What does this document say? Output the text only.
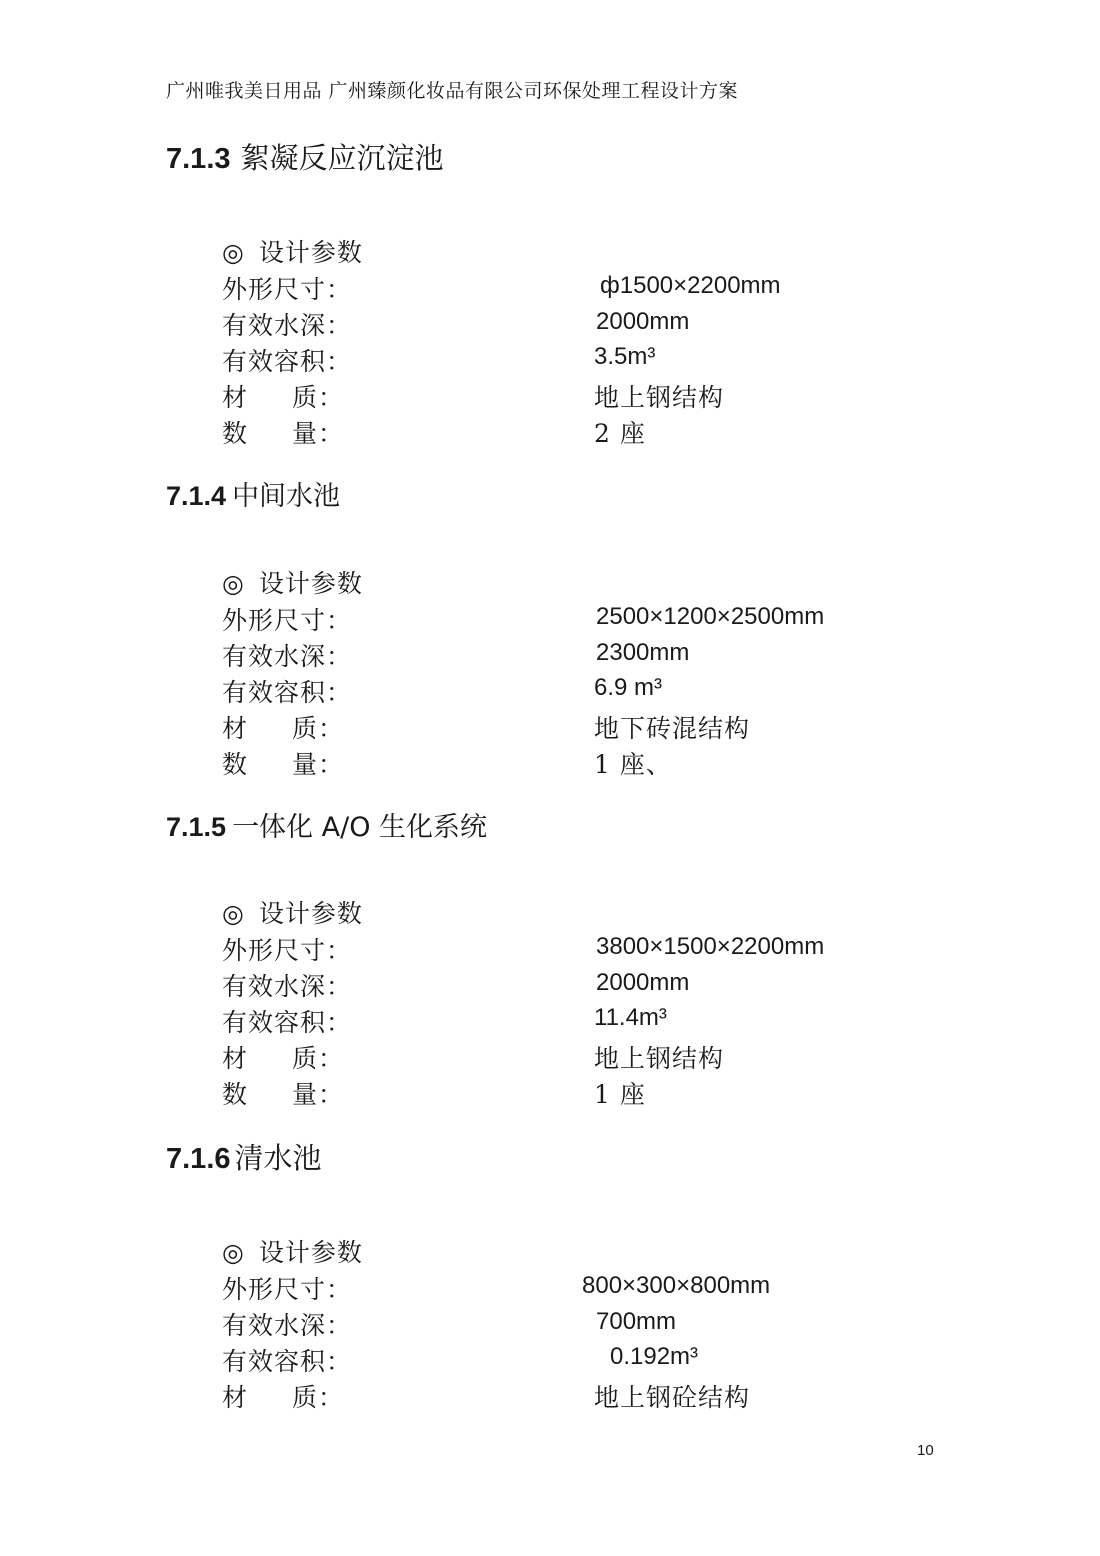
广州唯我美日用品 广州臻颜化妆品有限公司环保处理工程设计方案
7.1.3 絮凝反应沉淀池
◎ 设计参数
外形尺寸：	ф1500×2200mm
有效水深：	2000mm
有效容积：	3.5m³
材 质：	地上钢结构
数 量：	2 座
7.1.4 中间水池
◎ 设计参数
外形尺寸：	2500×1200×2500mm
有效水深：	2300mm
有效容积：	6.9 m³
材 质：	地下砖混结构
数 量：	1 座、
7.1.5 一体化 A/O 生化系统
◎ 设计参数
外形尺寸：	3800×1500×2200mm
有效水深：	2000mm
有效容积：	11.4m³
材 质：	地上钢结构
数 量：	1 座
7.1.6 清水池
◎ 设计参数
外形尺寸：	800×300×800mm
有效水深：	700mm
有效容积：	0.192m³
材 质：	地上钢砼结构
10
